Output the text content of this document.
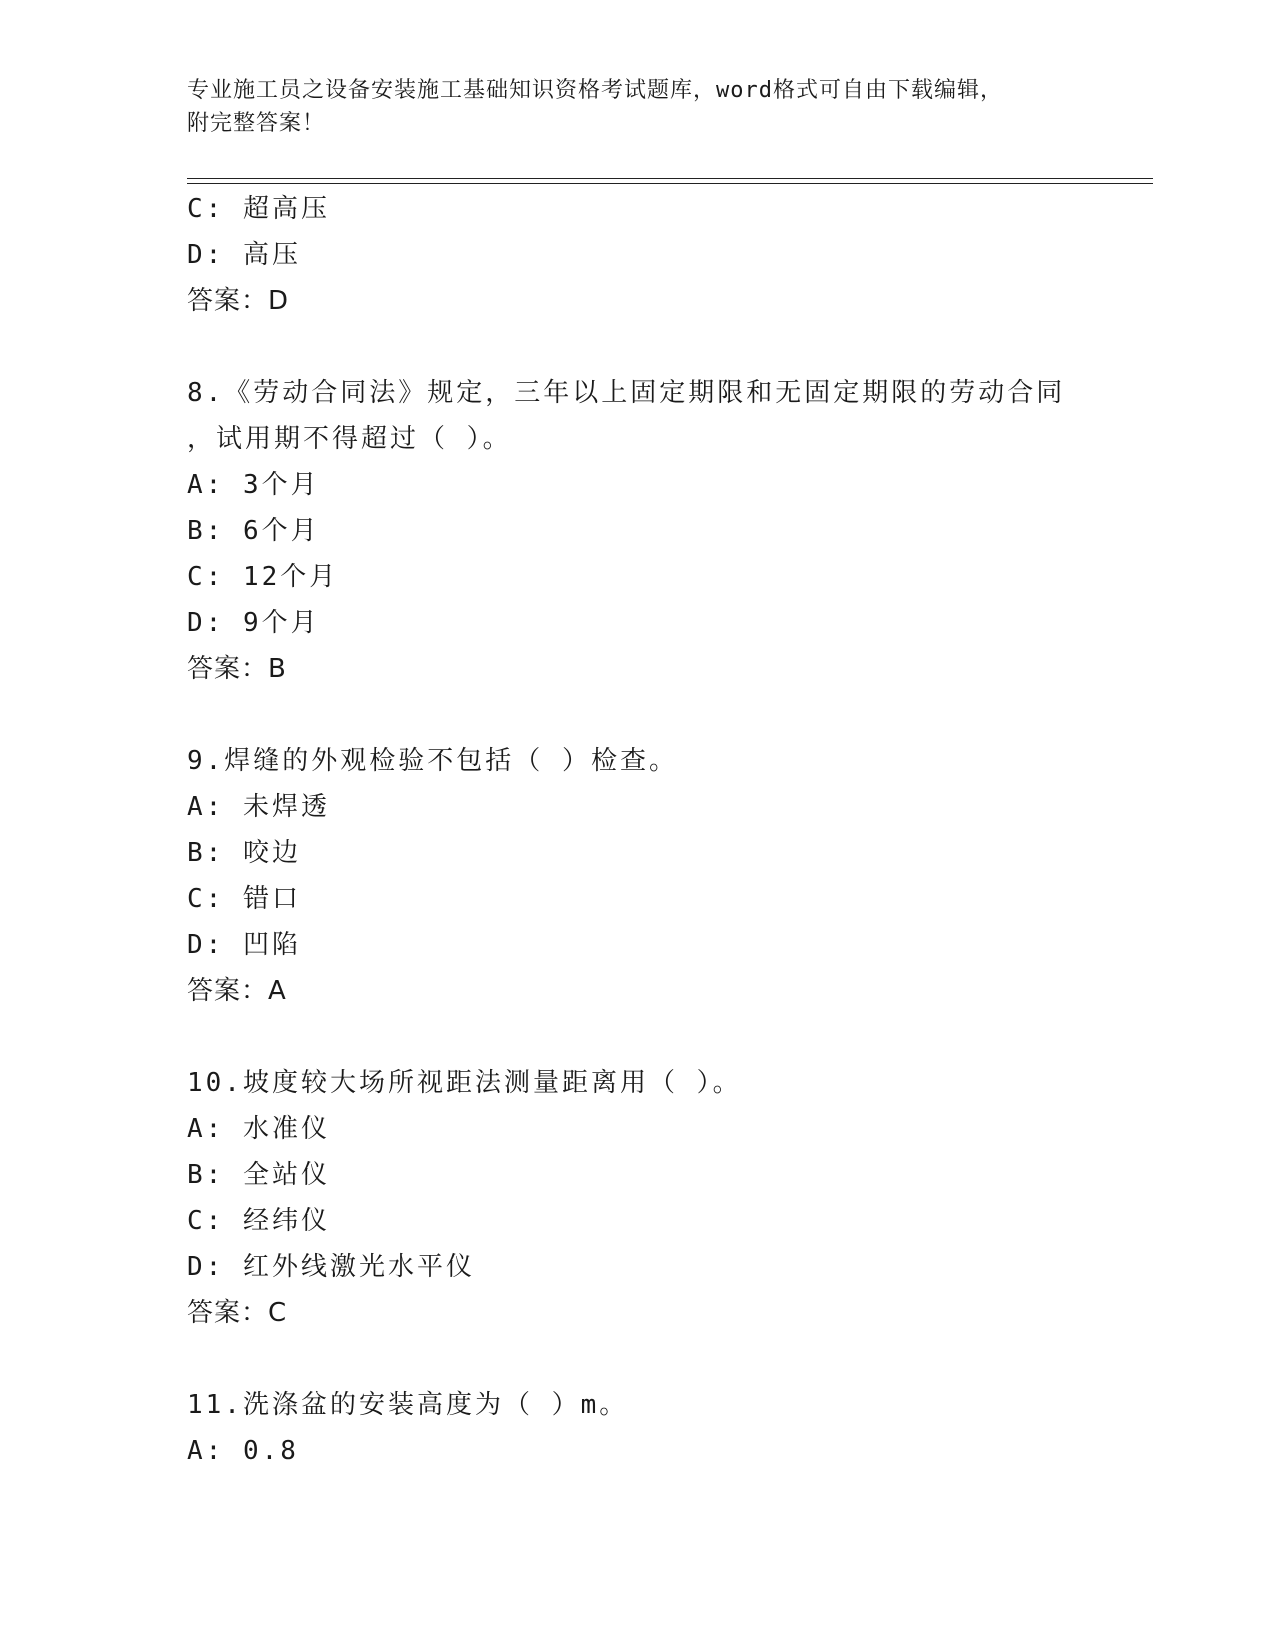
专业施工员之设备安装施工基础知识资格考试题库，word格式可自由下载编辑，
附完整答案！
C: 超高压
D: 高压
答案：D
8.《劳动合同法》规定，三年以上固定期限和无固定期限的劳动合同
，试用期不得超过（ ）。
A: 3个月
B: 6个月
C: 12个月
D: 9个月
答案：B
9.焊缝的外观检验不包括（ ）检查。
A: 未焊透
B: 咬边
C: 错口
D: 凹陷
答案：A
10.坡度较大场所视距法测量距离用（ ）。
A: 水准仪
B: 全站仪
C: 经纬仪
D: 红外线激光水平仪
答案：C
11.洗涤盆的安装高度为（ ）m。
A: 0.8
